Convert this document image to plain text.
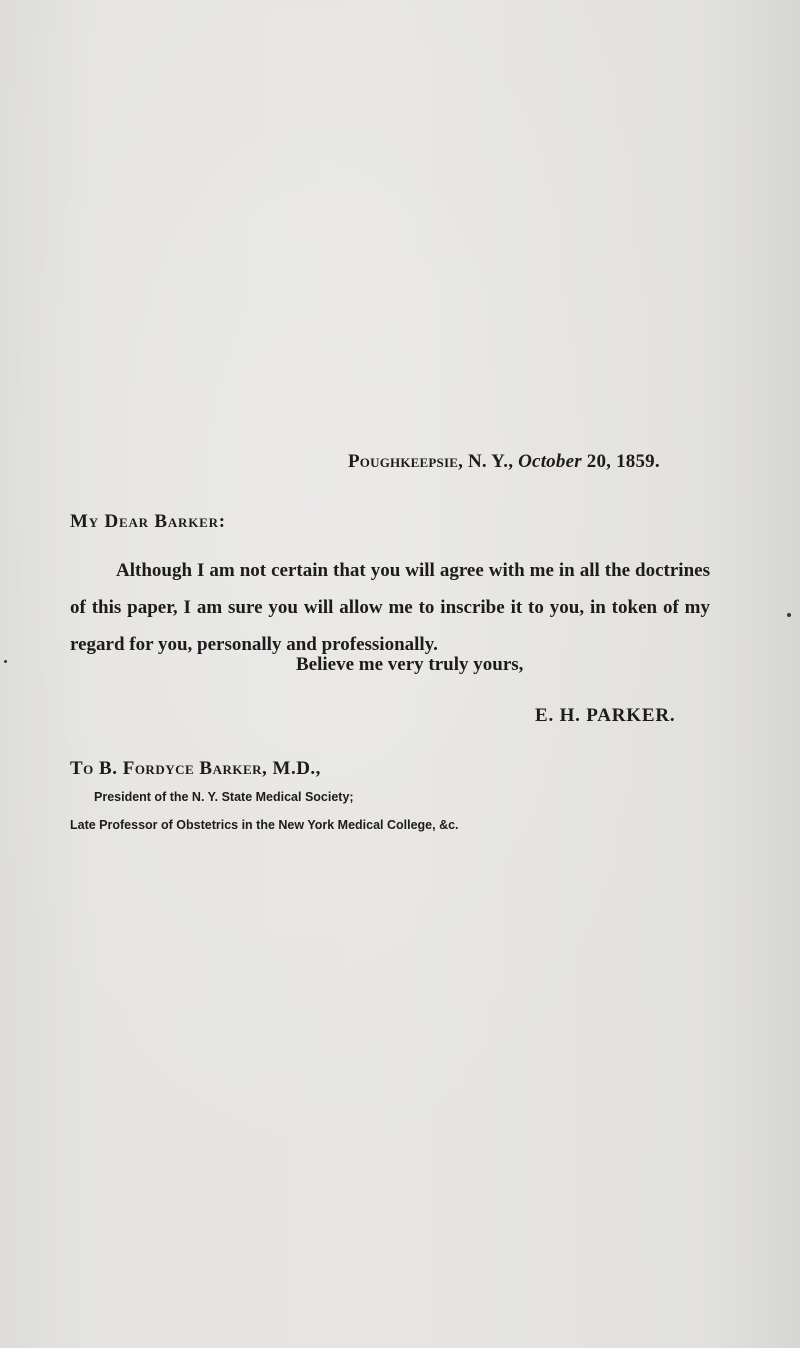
Poughkeepsie, N. Y., October 20, 1859.
My Dear Barker:
Although I am not certain that you will agree with me in all the doctrines of this paper, I am sure you will allow me to inscribe it to you, in token of my regard for you, personally and professionally.
Believe me very truly yours,
E. H. PARKER.
To B. Fordyce Barker, M.D.,
President of the N. Y. State Medical Society;
Late Professor of Obstetrics in the New York Medical College, &c.
